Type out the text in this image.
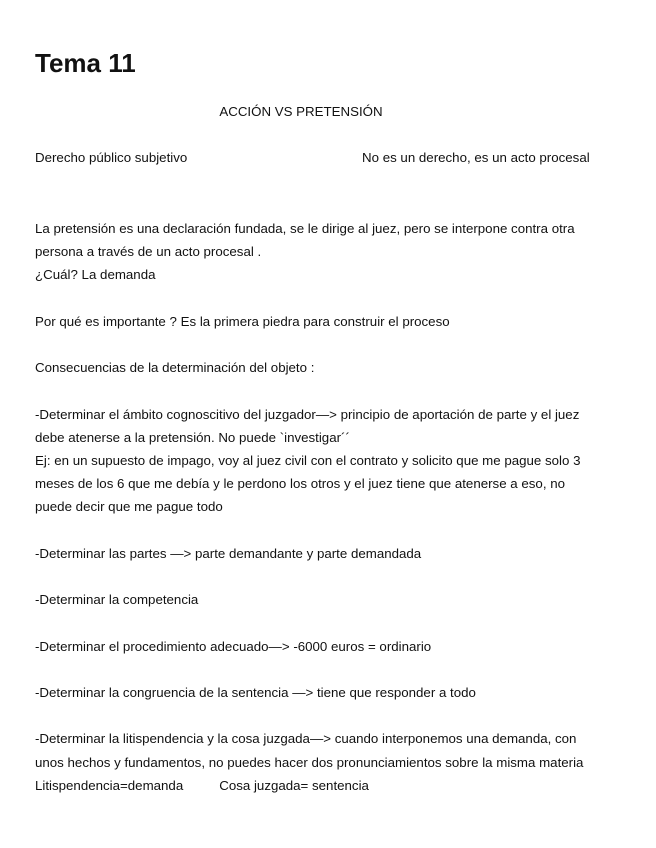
Tema 11
ACCIÓN VS PRETENSIÓN
Derecho público subjetivo	No es un derecho, es un acto procesal

La pretensión es una declaración fundada, se le dirige al juez, pero se interpone contra otra

persona a través de un acto procesal .

¿Cuál? La demanda

Por qué es importante ? Es la primera piedra para construir el proceso

Consecuencias de la determinación del objeto :

-Determinar el ámbito cognoscitivo del juzgador—> principio de aportación de parte y el juez

debe atenerse a la pretensión. No puede `investigar´´

Ej: en un supuesto de impago, voy al juez civil con el contrato y solicito que me pague solo 3

meses de los 6 que me debía y le perdono los otros y el juez tiene que atenerse a eso, no

puede decir que me pague todo

-Determinar las partes —> parte demandante y parte demandada

-Determinar la competencia

-Determinar el procedimiento adecuado—> -6000 euros = ordinario

-Determinar la congruencia de la sentencia —> tiene que responder a todo

-Determinar la litispendencia y la cosa juzgada—> cuando interponemos una demanda, con

unos hechos y fundamentos, no puedes hacer dos pronunciamientos sobre la misma materia

Litispendencia=demanda	Cosa juzgada= sentencia
